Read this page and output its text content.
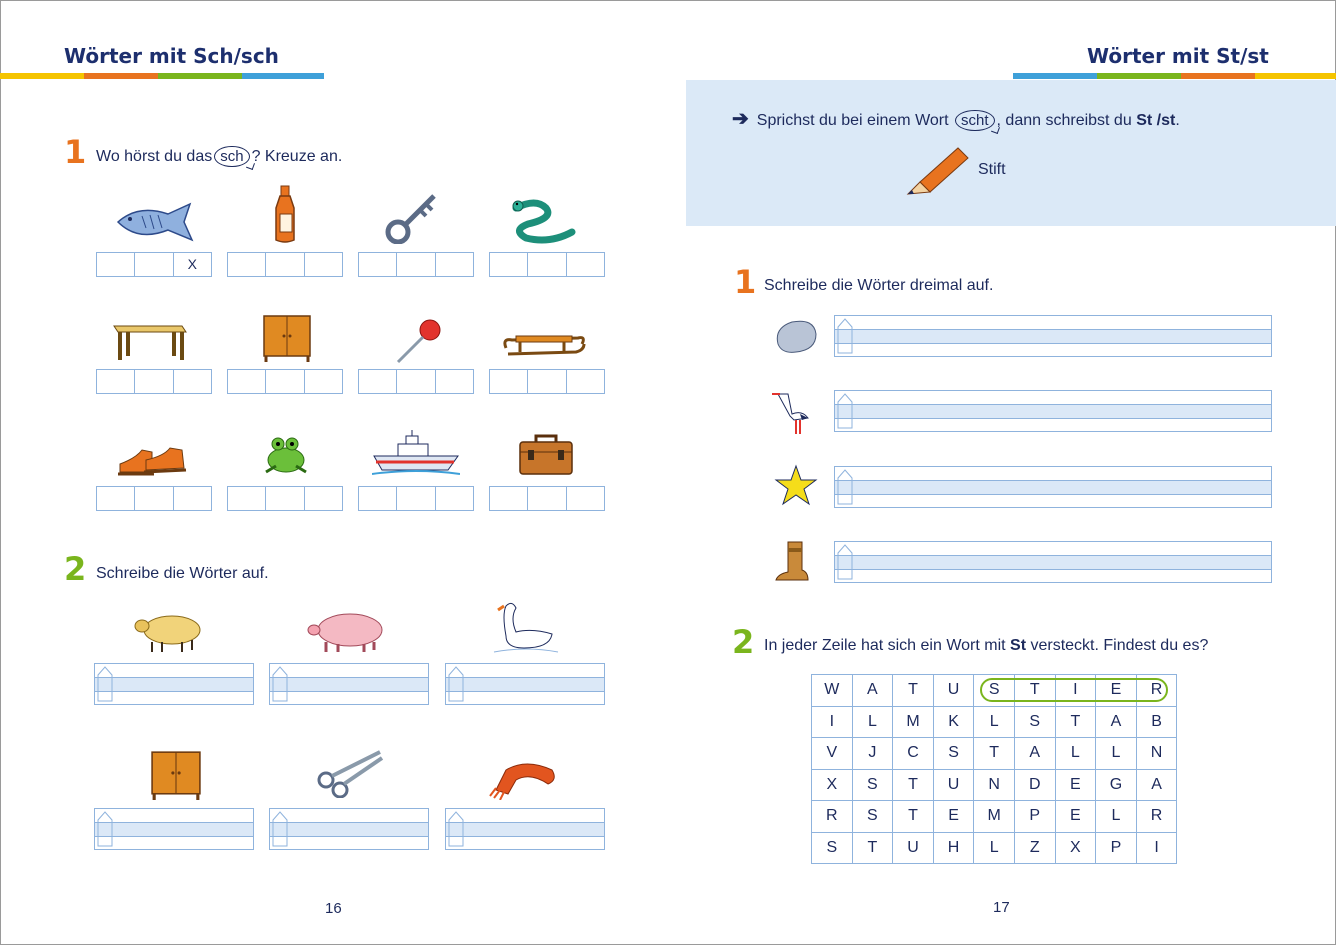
Wörter mit Sch/sch
1 Wo hörst du das sch ? Kreuze an.
X
2 Schreibe die Wörter auf.
16
Wörter mit St/st
➔ Sprichst du bei einem Wort scht , dann schreibst du St /st.
Stift
1 Schreibe die Wörter dreimal auf.
2 In jeder Zeile hat sich ein Wort mit St versteckt. Findest du es?
W	A	T	U	S	T	I	E	R
I	L	M	K	L	S	T	A	B
V	J	C	S	T	A	L	L	N
X	S	T	U	N	D	E	G	A
R	S	T	E	M	P	E	L	R
S	T	U	H	L	Z	X	P	I
17
